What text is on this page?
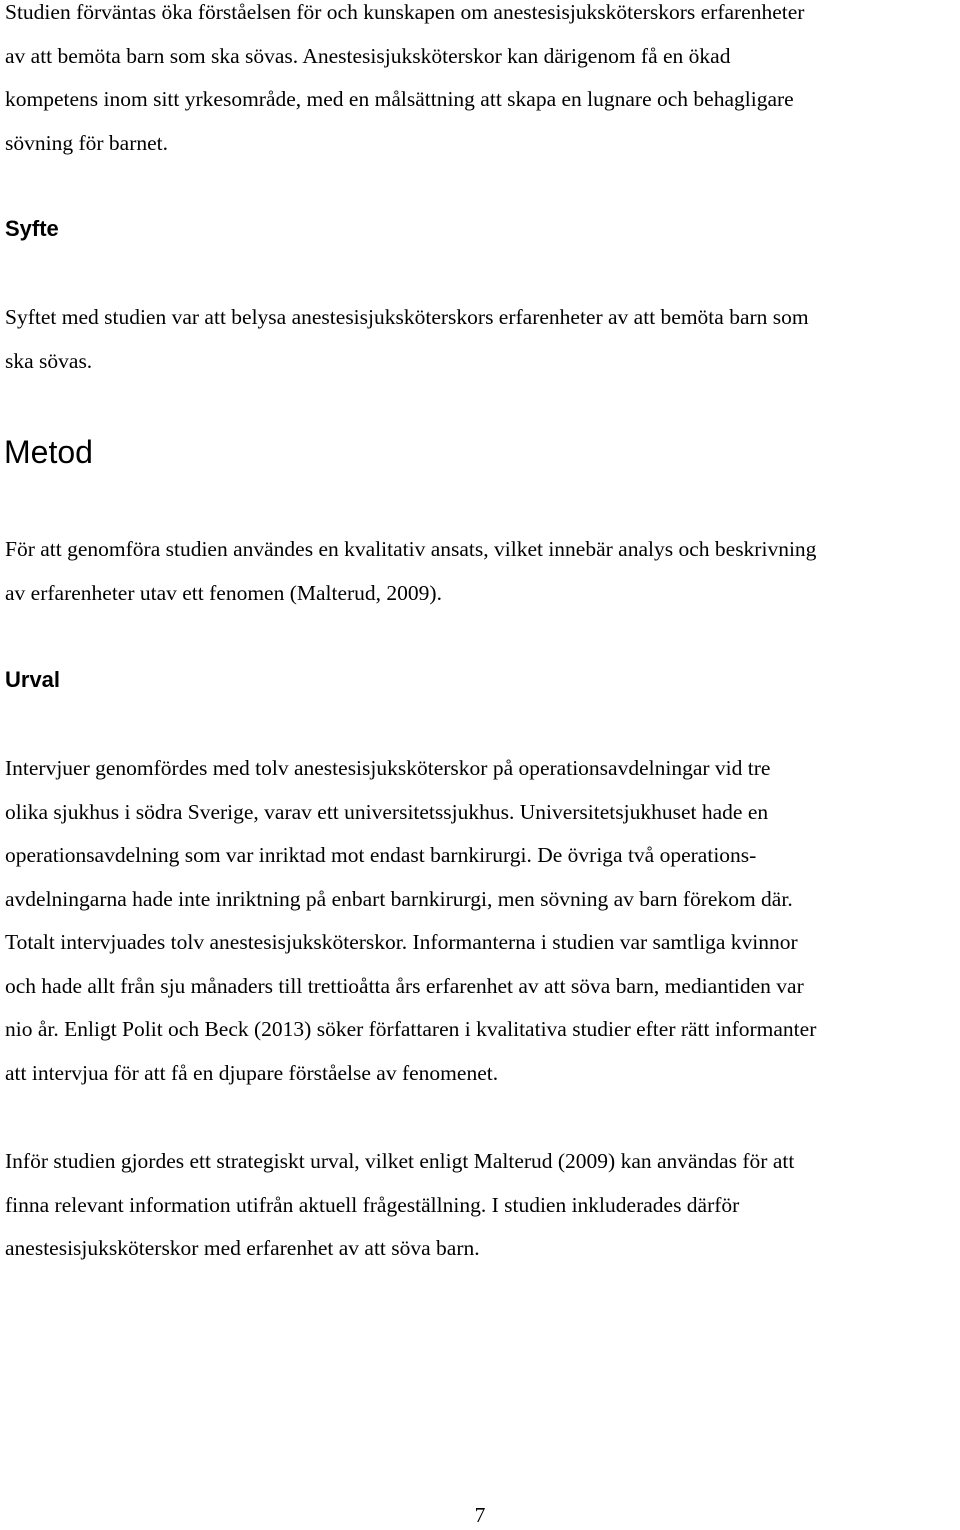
Studien förväntas öka förståelsen för och kunskapen om anestesisjuksköterskors erfarenheter
av att bemöta barn som ska sövas. Anestesisjuksköterskor kan därigenom få en ökad
kompetens inom sitt yrkesområde, med en målsättning att skapa en lugnare och behagligare
sövning för barnet.

Syfte

Syftet med studien var att belysa anestesisjuksköterskors erfarenheter av att bemöta barn som
ska sövas.

Metod

För att genomföra studien användes en kvalitativ ansats, vilket innebär analys och beskrivning
av erfarenheter utav ett fenomen (Malterud, 2009).

Urval

Intervjuer genomfördes med tolv anestesisjuksköterskor på operationsavdelningar vid tre
olika sjukhus i södra Sverige, varav ett universitetssjukhus. Universitetsjukhuset hade en
operationsavdelning som var inriktad mot endast barnkirurgi. De övriga två operations-
avdelningarna hade inte inriktning på enbart barnkirurgi, men sövning av barn förekom där.
Totalt intervjuades tolv anestesisjuksköterskor. Informanterna i studien var samtliga kvinnor
och hade allt från sju månaders till trettioåtta års erfarenhet av att söva barn, mediantiden var
nio år. Enligt Polit och Beck (2013) söker författaren i kvalitativa studier efter rätt informanter
att intervjua för att få en djupare förståelse av fenomenet.

Inför studien gjordes ett strategiskt urval, vilket enligt Malterud (2009) kan användas för att
finna relevant information utifrån aktuell frågeställning. I studien inkluderades därför
anestesisjuksköterskor med erfarenhet av att söva barn.

7
